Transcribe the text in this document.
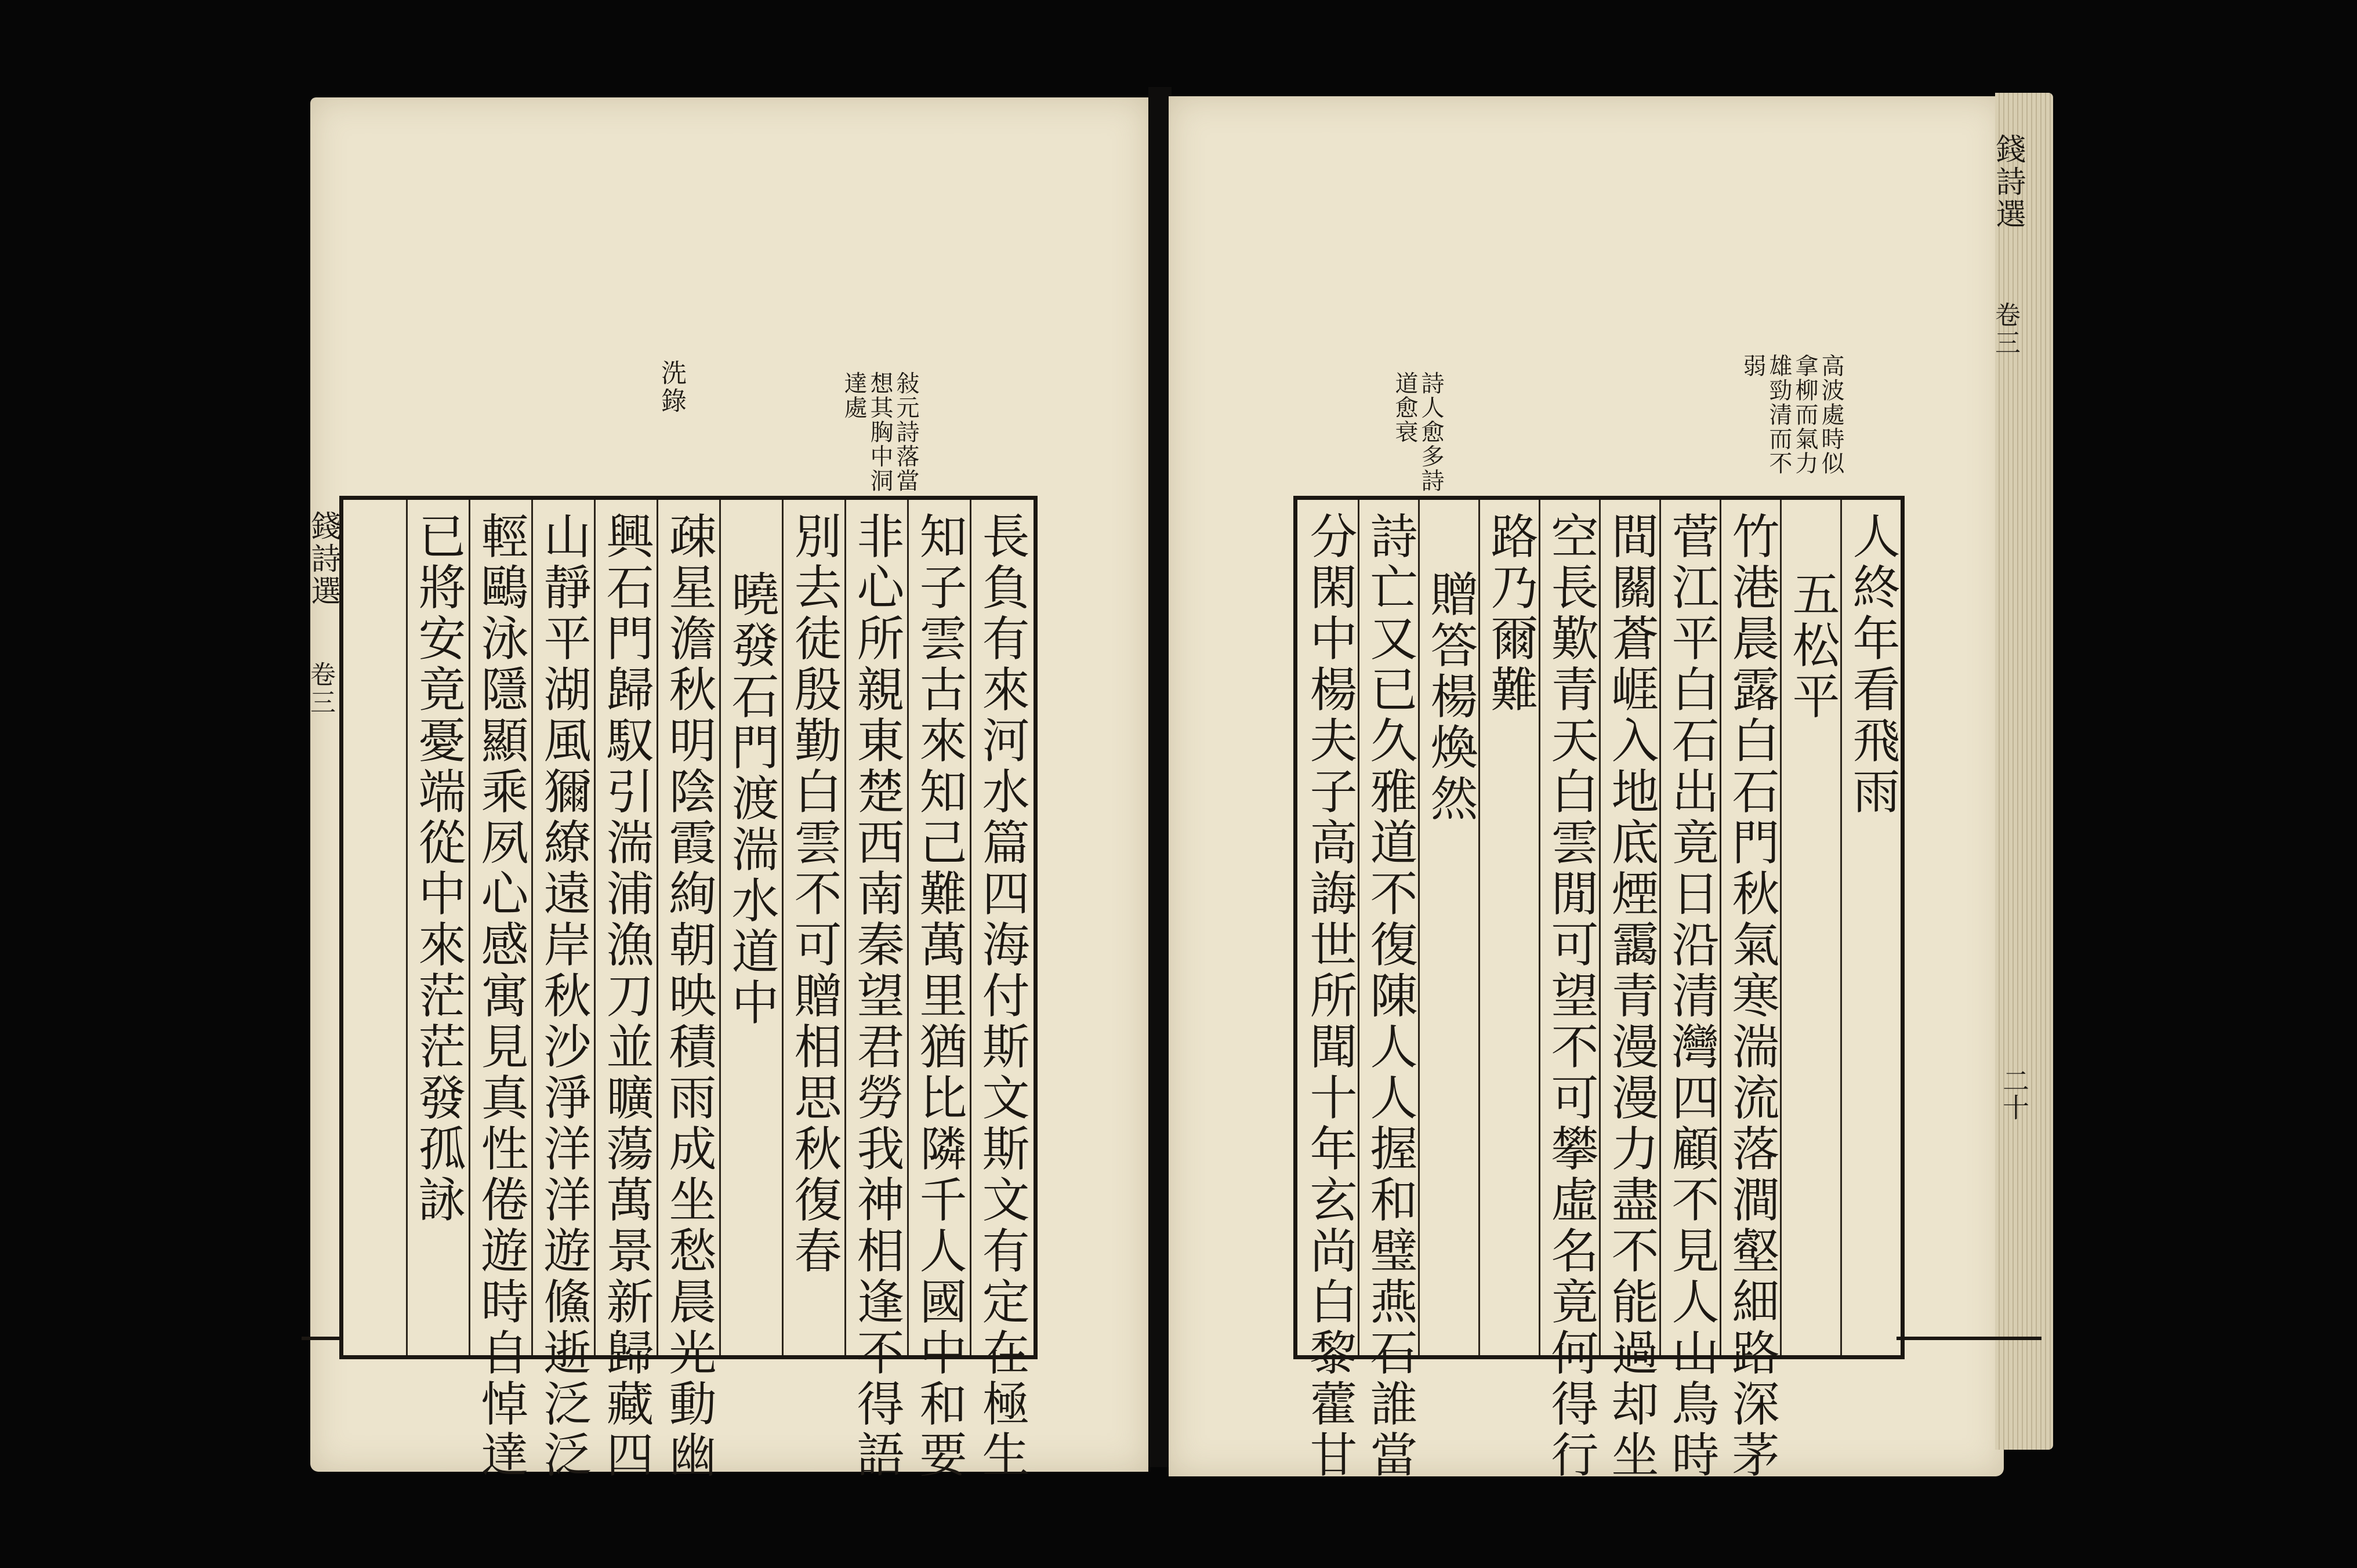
敍元詩落當
想其胸中洞
達處
洗錄	高波處時似
拿柳而氣力
雄勁清而不
弱
詩人愈多詩
道愈衰
長負有來河水篇四海付斯文斯文有定在極生
知子雲古來知己難萬里猶比隣千人國中和要
非心所親東楚西南秦望君勞我神相逢不得語
別去徒殷勤白雲不可贈相思秋復春
曉發石門渡湍水道中
疎星澹秋明陰霞絢朝映積雨成坐愁晨光動幽
興石門歸馭引湍浦漁刀並曠蕩萬景新歸藏四
山靜平湖風獮繚遠岸秋沙淨洋洋遊鯈逝泛泛
輕鷗泳隱顯乘夙心感寓見真性倦遊時自悼達
已將安竟憂端從中來茫茫發孤詠
錢詩選
卷三	人終年看飛雨
五松平
竹港晨露白石門秋氣寒湍流落澗壑細路深茅
菅江平白石出竟日沿清灣四顧不見人山鳥時
間關蒼崕入地底煙靄青漫漫力盡不能過却坐
空長歎青天白雲閒可望不可攀虛名竟何得行
路乃爾難
贈答楊煥然
詩亡又已久雅道不復陳人人握和璧燕石誰當
分閑中楊夫子高誨世所聞十年玄尚白黎藿甘
錢詩選
卷三
二十
